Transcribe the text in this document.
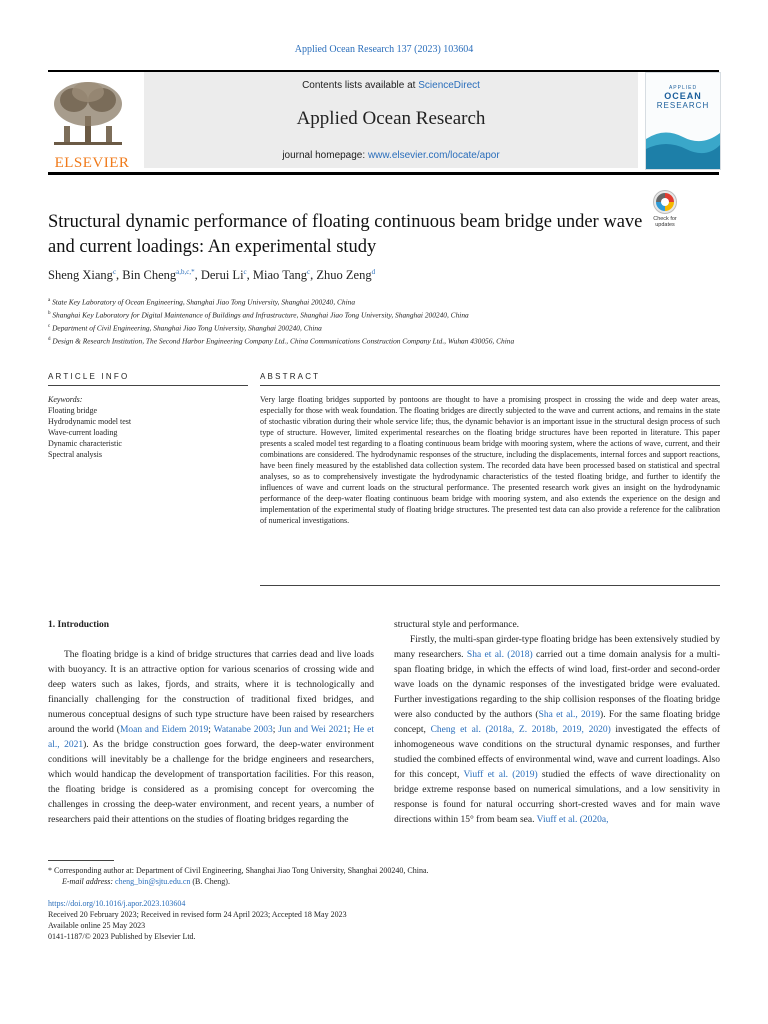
Applied Ocean Research 137 (2023) 103604
ELSEVIER
Contents lists available at ScienceDirect
Applied Ocean Research
journal homepage: www.elsevier.com/locate/apor
APPLIED
OCEAN
RESEARCH
Structural dynamic performance of floating continuous beam bridge under wave and current loadings: An experimental study
Check for updates
Sheng Xiang$^c$, Bin Cheng$^{a,b,c,*}$, Derui Li$^c$, Miao Tang$^c$, Zhuo Zeng$^d$
$^a$ State Key Laboratory of Ocean Engineering, Shanghai Jiao Tong University, Shanghai 200240, China
$^b$ Shanghai Key Laboratory for Digital Maintenance of Buildings and Infrastructure, Shanghai Jiao Tong University, Shanghai 200240, China
$^c$ Department of Civil Engineering, Shanghai Jiao Tong University, Shanghai 200240, China
$^d$ Design & Research Institution, The Second Harbor Engineering Company Ltd., China Communications Construction Company Ltd., Wuhan 430056, China
ARTICLE INFO	ABSTRACT
Keywords:
Floating bridge
Hydrodynamic model test
Wave-current loading
Dynamic characteristic
Spectral analysis
Very large floating bridges supported by pontoons are thought to have a promising prospect in crossing the wide and deep water areas, especially for those with weak foundation. The floating bridges are directly subjected to the wave and current actions, and remains in the state of stochastic vibration during their whole service life; thus, the dynamic behavior is an important issue in the structural design process of such type of structure. However, limited experimental researches on the floating bridge structures have been reported in literature. This paper presents a scaled model test regarding to a floating continuous beam bridge with mooring system, where the actions of wave, current, and their combinations are considered. The hydrodynamic responses of the structure, including the displacements, internal forces and support reactions, have been finely measured by the established data collection system. The recorded data have been processed based on statistical and spectral analyses, so as to comprehensively investigate the hydrodynamic characteristics of the tested floating bridge, and further to identify the influences of wave and current loads on the structural performance. The presented research work gives an insight on the hydrodynamic performance of the deep-water floating continuous beam bridge with mooring system, and also extends the experience on the design and implementation of the experimental study of floating bridge structures. The presented test data can also provide a reference for the calibration of numerical investigations.
1. Introduction

The floating bridge is a kind of bridge structures that carries dead and live loads with buoyancy. It is an attractive option for various scenarios of crossing wide and deep waters such as lakes, fjords, and straits, where it is technologically and financially challenging for the construction of traditional fixed bridges, and numerous conceptual designs of such type structure have been raised by researchers around the world (Moan and Eidem 2019; Watanabe 2003; Jun and Wei 2021; He et al., 2021). As the bridge construction goes forward, the deep-water environment conditions will inevitably be a challenge for the bridge engineers and researchers, which would handicap the development of transportation facilities. For this reason, the floating bridge is considered as a promising concept for overcoming the challenges in crossing the deep-water environment, and recent years, a number of researchers paid their attentions on the studies of floating bridges regarding the

structural style and performance.

Firstly, the multi-span girder-type floating bridge has been extensively studied by many researchers. Sha et al. (2018) carried out a time domain analysis for a multi-span floating bridge, in which the effects of wind load, first-order and second-order wave loads on the dynamic responses of the investigated bridge were evaluated. Further investigations regarding to the ship collision responses of the floating bridge were also conducted by the authors (Sha et al., 2019). For the same floating bridge concept, Cheng et al. (2018a, Z. 2018b, 2019, 2020) investigated the effects of inhomogeneous wave conditions on the structural dynamic responses, and further studied the combined effects of environmental wind, wave and current loadings. Also for this concept, Viuff et al. (2019) studied the effects of wave directionality on bridge extreme response based on numerical simulations, and a low sensitivity in response is found for natural occurring short-crested waves and for main wave directions within 15° from beam sea. Viuff et al. (2020a,

* Corresponding author at: Department of Civil Engineering, Shanghai Jiao Tong University, Shanghai 200240, China.
E-mail address: cheng_bin@sjtu.edu.cn (B. Cheng).
https://doi.org/10.1016/j.apor.2023.103604
Received 20 February 2023; Received in revised form 24 April 2023; Accepted 18 May 2023
Available online 25 May 2023
0141-1187/© 2023 Published by Elsevier Ltd.
